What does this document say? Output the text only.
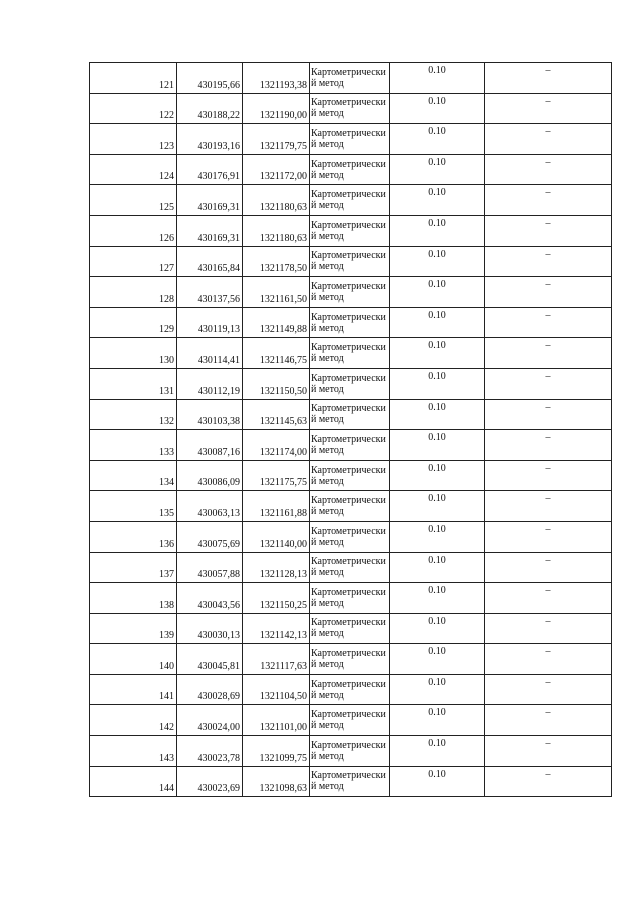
121	430195,66	1321193,38	Картометрический метод	0.10	–
122	430188,22	1321190,00	Картометрический метод	0.10	–
123	430193,16	1321179,75	Картометрический метод	0.10	–
124	430176,91	1321172,00	Картометрический метод	0.10	–
125	430169,31	1321180,63	Картометрический метод	0.10	–
126	430169,31	1321180,63	Картометрический метод	0.10	–
127	430165,84	1321178,50	Картометрический метод	0.10	–
128	430137,56	1321161,50	Картометрический метод	0.10	–
129	430119,13	1321149,88	Картометрический метод	0.10	–
130	430114,41	1321146,75	Картометрический метод	0.10	–
131	430112,19	1321150,50	Картометрический метод	0.10	–
132	430103,38	1321145,63	Картометрический метод	0.10	–
133	430087,16	1321174,00	Картометрический метод	0.10	–
134	430086,09	1321175,75	Картометрический метод	0.10	–
135	430063,13	1321161,88	Картометрический метод	0.10	–
136	430075,69	1321140,00	Картометрический метод	0.10	–
137	430057,88	1321128,13	Картометрический метод	0.10	–
138	430043,56	1321150,25	Картометрический метод	0.10	–
139	430030,13	1321142,13	Картометрический метод	0.10	–
140	430045,81	1321117,63	Картометрический метод	0.10	–
141	430028,69	1321104,50	Картометрический метод	0.10	–
142	430024,00	1321101,00	Картометрический метод	0.10	–
143	430023,78	1321099,75	Картометрический метод	0.10	–
144	430023,69	1321098,63	Картометрический метод	0.10	–
